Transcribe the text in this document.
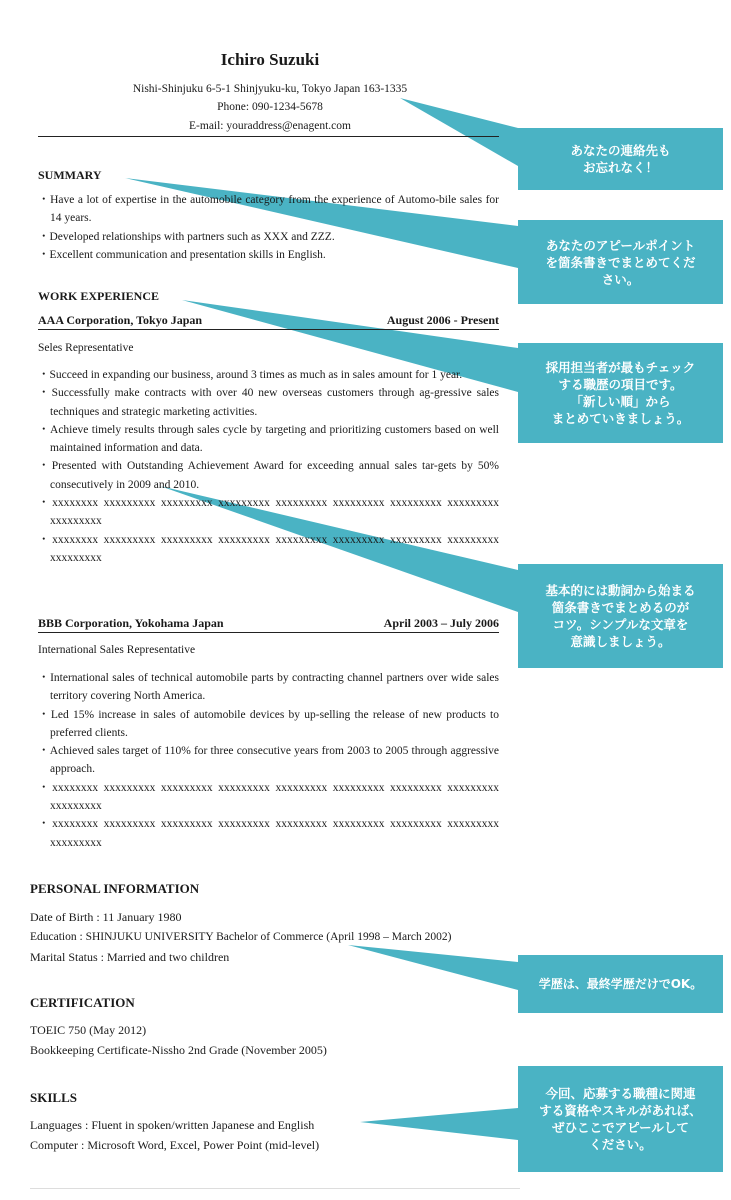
Ichiro Suzuki
Nishi-Shinjuku 6-5-1 Shinjyuku-ku, Tokyo Japan 163-1335
Phone: 090-1234-5678
E-mail: youraddress@enagent.com
SUMMARY

・Have a lot of expertise in the automobile category from the experience of Automo-bile sales for 14 years.

・Developed relationships with partners such as XXX and ZZZ.

・Excellent communication and presentation skills in English.

WORK EXPERIENCE
AAA Corporation, Tokyo Japan	August 2006 - Present
Seles Representative

・Succeed in expanding our business, around 3 times as much as in sales amount for 1 year.

・Successfully make contracts with over 40 new overseas customers through ag-gressive sales techniques and strategic marketing activities.

・Achieve timely results through sales cycle by targeting and prioritizing customers based on well maintained information and data.

・Presented with Outstanding Achievement Award for exceeding annual sales tar-gets by 50% consecutively in 2009 and 2010.

・xxxxxxxx xxxxxxxxx xxxxxxxxx xxxxxxxxx xxxxxxxxx xxxxxxxxx xxxxxxxxx xxxxxxxxx xxxxxxxxx

・xxxxxxxx xxxxxxxxx xxxxxxxxx xxxxxxxxx xxxxxxxxx xxxxxxxxx xxxxxxxxx xxxxxxxxx xxxxxxxxx

BBB Corporation, Yokohama Japan	April 2003 – July 2006
International Sales Representative

・International sales of technical automobile parts by contracting channel partners over wide sales territory covering North America.

・Led 15% increase in sales of automobile devices by up-selling the release of new products to preferred clients.

・Achieved sales target of 110% for three consecutive years from 2003 to 2005 through aggressive approach.

・xxxxxxxx xxxxxxxxx xxxxxxxxx xxxxxxxxx xxxxxxxxx xxxxxxxxx xxxxxxxxx xxxxxxxxx xxxxxxxxx

・xxxxxxxx xxxxxxxxx xxxxxxxxx xxxxxxxxx xxxxxxxxx xxxxxxxxx xxxxxxxxx xxxxxxxxx xxxxxxxxx

PERSONAL INFORMATION
Date of Birth : 11 January 1980
Education : SHINJUKU UNIVERSITY Bachelor of Commerce (April 1998 – March 2002)
Marital Status : Married and two children
CERTIFICATION
TOEIC 750 (May 2012)
Bookkeeping Certificate-Nissho 2nd Grade (November 2005)
SKILLS
Languages : Fluent in spoken/written Japanese and English
Computer : Microsoft Word, Excel, Power Point (mid-level)
あなたの連絡先も
お忘れなく！
あなたのアピールポイント
を箇条書きでまとめてくだ
さい。
採用担当者が最もチェック
する職歴の項目です。
「新しい順」から
まとめていきましょう。
基本的には動詞から始まる
箇条書きでまとめるのが
コツ。シンプルな文章を
意識しましょう。
学歴は、最終学歴だけでOK。
今回、応募する職種に関連
する資格やスキルがあれば、
ぜひここでアピールして
ください。
